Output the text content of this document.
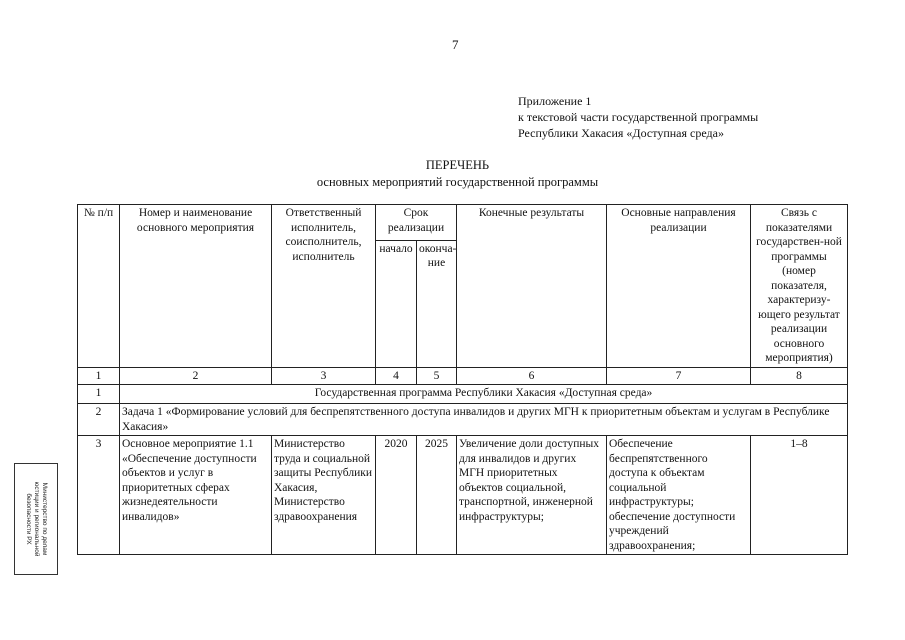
7
Приложение 1
к текстовой части государственной программы
Республики Хакасия «Доступная среда»
ПЕРЕЧЕНЬ
основных мероприятий государственной программы
№ п/п	Номер и наименование основного мероприятия	Ответственный исполнитель, соисполнитель, исполнитель	Срок реализации		Конечные результаты	Основные направления реализации	Связь с показателями государствен-ной программы (номер показателя, характеризу-ющего результат реализации основного мероприятия)
			начало	оконча-ние			
1	2	3	4	5	6	7	8
1	Государственная программа Республики Хакасия «Доступная среда»						
2	Задача 1 «Формирование условий для беспрепятственного доступа инвалидов и других МГН к приоритетным объектам и услугам в Республике Хакасия»						
3	Основное мероприятие 1.1 «Обеспечение доступности объектов и услуг в приоритетных сферах жизнедеятельности инвалидов»	Министерство труда и социальной защиты Республики Хакасия, Министерство здравоохранения	2020	2025	Увеличение доли доступных для инвалидов и других МГН приоритетных объектов социальной, транспортной, инженерной инфраструктуры;	Обеспечение беспрепятственного доступа к объектам социальной инфраструктуры; обеспечение доступности учреждений здравоохранения;	1–8
Министерство по делам
юстиции и региональной
безопасности РХ
